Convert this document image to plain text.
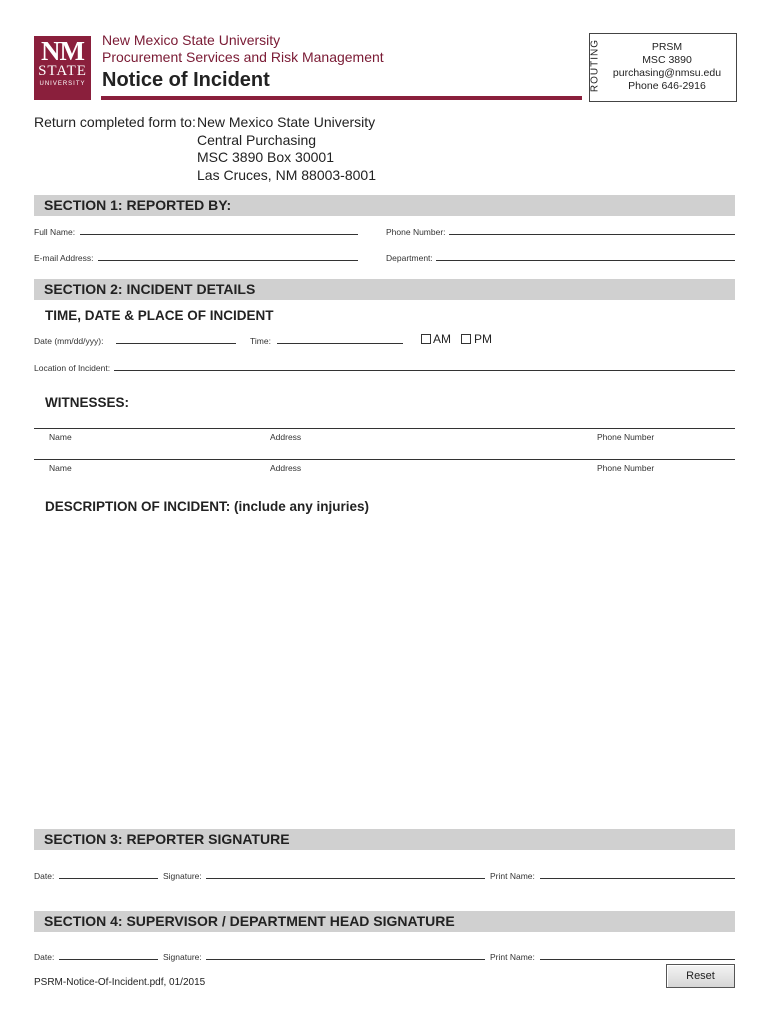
NM
STATE
UNIVERSITY
New Mexico State University
Procurement Services and Risk Management
Notice of Incident	ROUTING	PRSM
MSC 3890
purchasing@nmsu.edu
Phone 646-2916
Return completed form to: New Mexico State University
Central Purchasing
MSC 3890 Box 30001
Las Cruces, NM 88003-8001
SECTION 1: REPORTED BY:
Full Name:	Phone Number:
E-mail Address:	Department:
SECTION 2: INCIDENT DETAILS
TIME, DATE & PLACE OF INCIDENT
Date (mm/dd/yyy):	Time:	AM PM
Location of Incident:
WITNESSES:
Name	Address	Phone Number
Name	Address	Phone Number
DESCRIPTION OF INCIDENT: (include any injuries)
SECTION 3: REPORTER SIGNATURE
Date:	Signature:	Print Name:
SECTION 4: SUPERVISOR / DEPARTMENT HEAD SIGNATURE
Date:	Signature:	Print Name:
PSRM-Notice-Of-Incident.pdf, 01/2015
Reset
